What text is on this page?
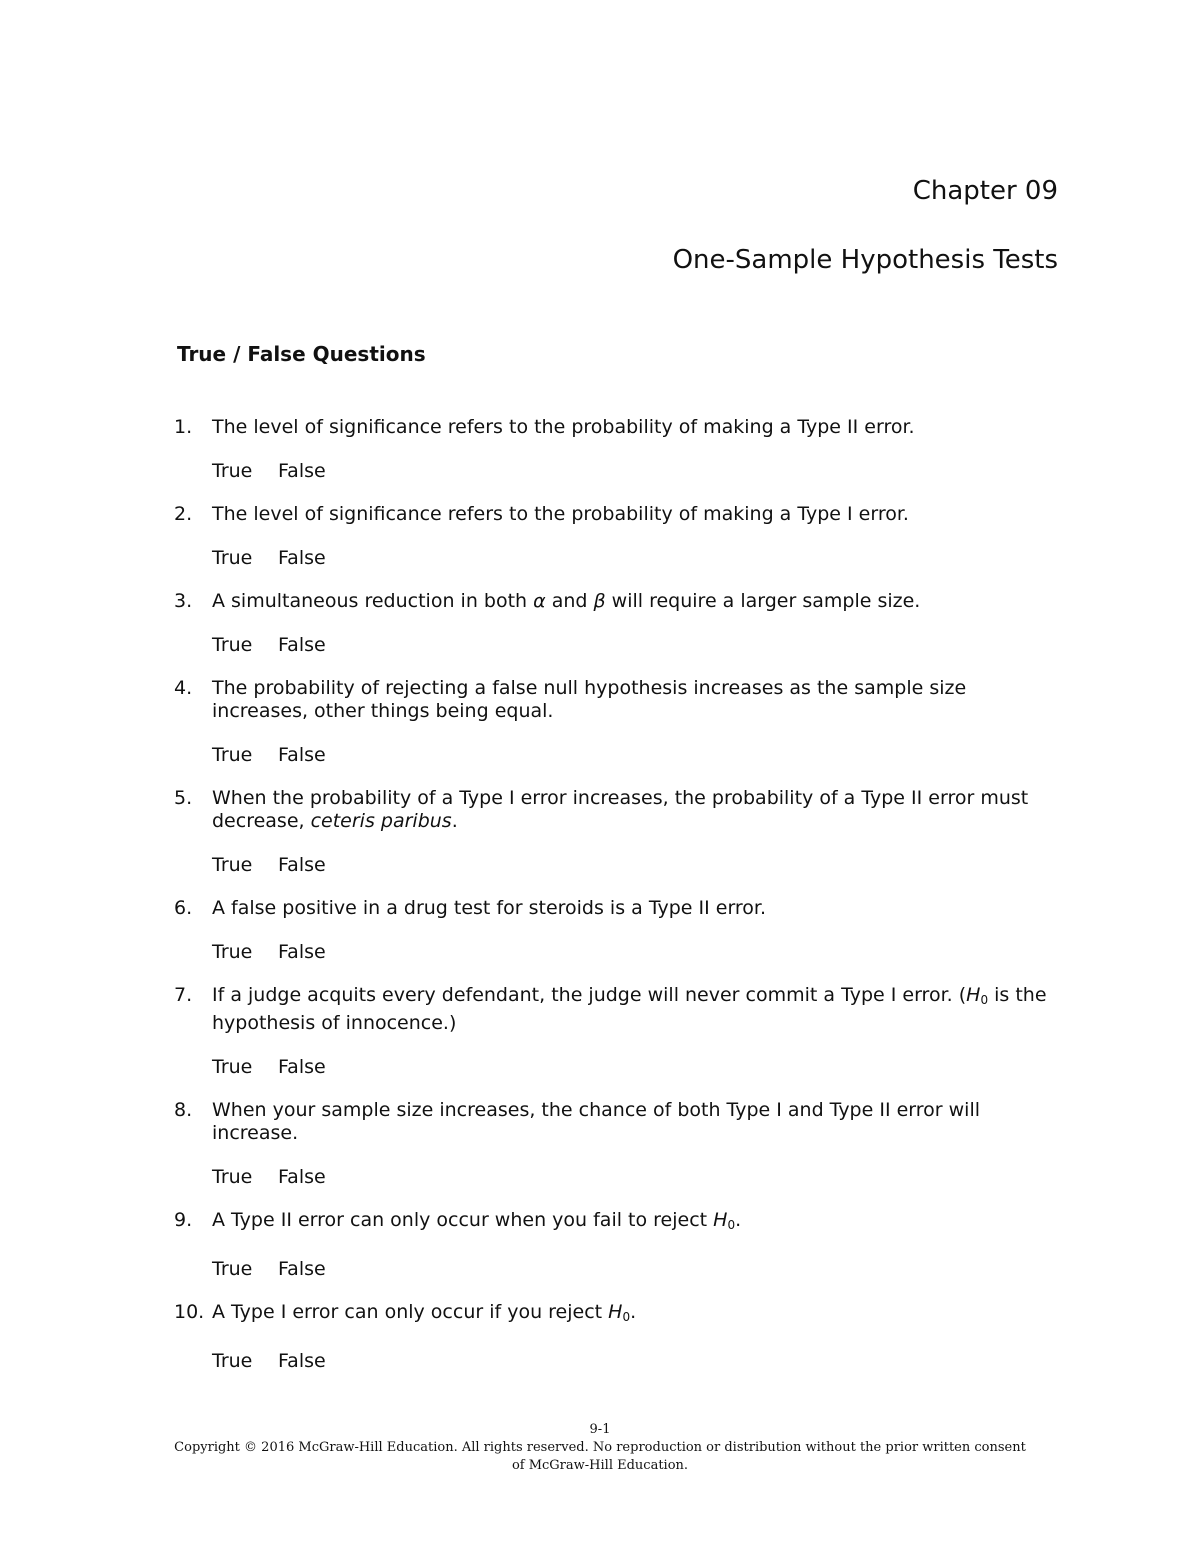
Chapter 09
One-Sample Hypothesis Tests
True / False Questions
1. The level of significance refers to the probability of making a Type II error.
True False
2. The level of significance refers to the probability of making a Type I error.
True False
3. A simultaneous reduction in both α and β will require a larger sample size.
True False
4. The probability of rejecting a false null hypothesis increases as the sample size increases, other things being equal.
True False
5. When the probability of a Type I error increases, the probability of a Type II error must decrease, ceteris paribus.
True False
6. A false positive in a drug test for steroids is a Type II error.
True False
7. If a judge acquits every defendant, the judge will never commit a Type I error. ($H_0$ is the hypothesis of innocence.)
True False
8. When your sample size increases, the chance of both Type I and Type II error will increase.
True False
9. A Type II error can only occur when you fail to reject $H_0$.
True False
10. A Type I error can only occur if you reject $H_0$.
True False
9-1
Copyright © 2016 McGraw-Hill Education. All rights reserved. No reproduction or distribution without the prior written consent of McGraw-Hill Education.
